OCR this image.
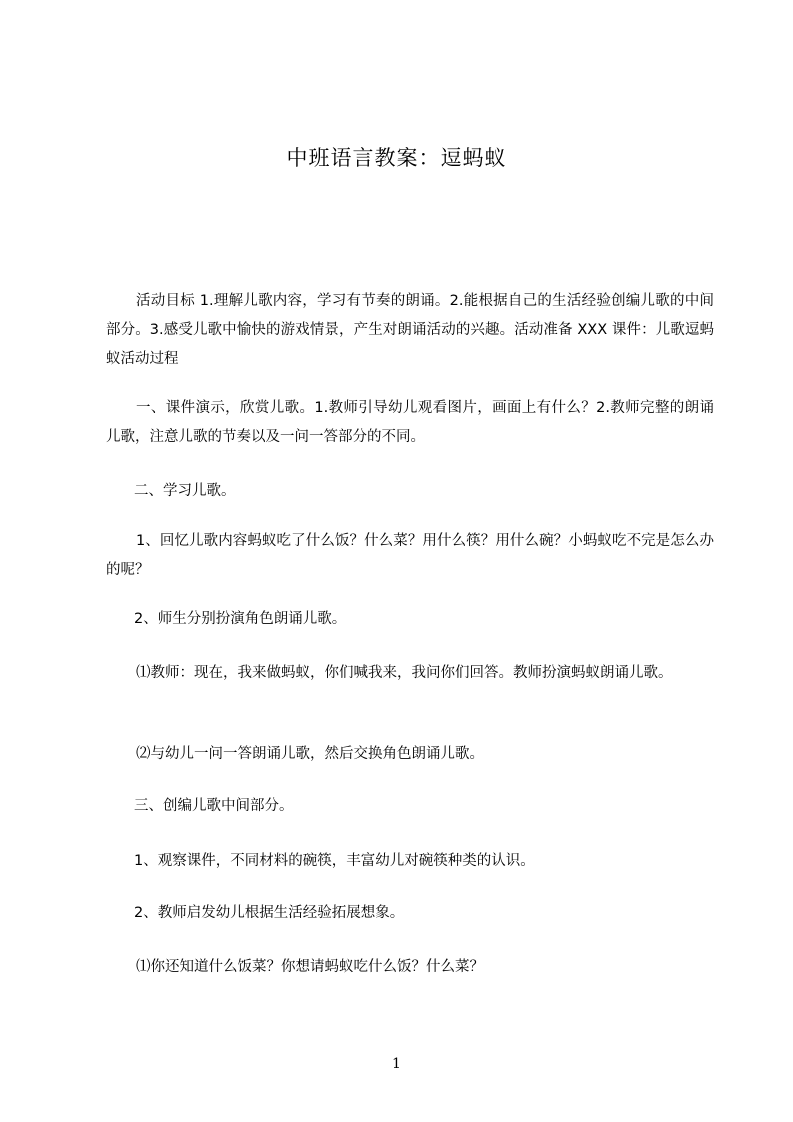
中班语言教案：逗蚂蚁
活动目标 1.理解儿歌内容，学习有节奏的朗诵。2.能根据自己的生活经验创编儿歌的中间部分。3.感受儿歌中愉快的游戏情景，产生对朗诵活动的兴趣。活动准备 XXX 课件：儿歌逗蚂蚁活动过程
一、课件演示，欣赏儿歌。1.教师引导幼儿观看图片，画面上有什么？2.教师完整的朗诵儿歌，注意儿歌的节奏以及一问一答部分的不同。
二、学习儿歌。
1、回忆儿歌内容蚂蚁吃了什么饭？什么菜？用什么筷？用什么碗？小蚂蚁吃不完是怎么办的呢？
2、师生分别扮演角色朗诵儿歌。
⑴教师：现在，我来做蚂蚁，你们喊我来，我问你们回答。教师扮演蚂蚁朗诵儿歌。
⑵与幼儿一问一答朗诵儿歌，然后交换角色朗诵儿歌。
三、创编儿歌中间部分。
1、观察课件，不同材料的碗筷，丰富幼儿对碗筷种类的认识。
2、教师启发幼儿根据生活经验拓展想象。
⑴你还知道什么饭菜？你想请蚂蚁吃什么饭？什么菜？
1
